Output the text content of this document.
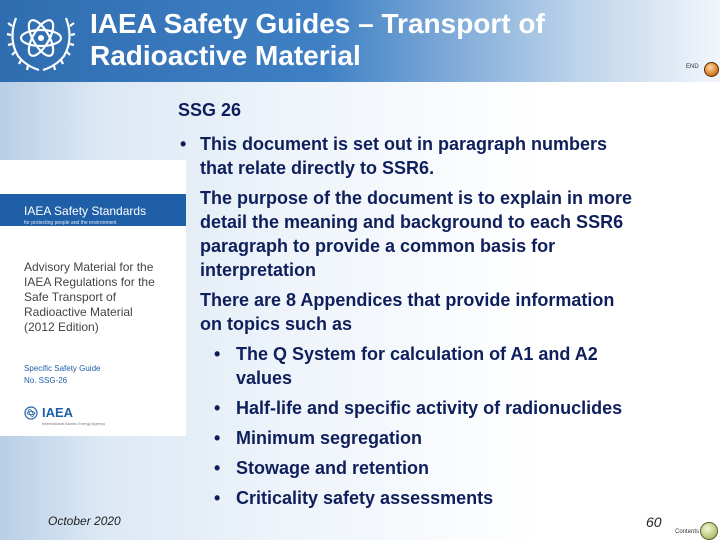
IAEA Safety Guides – Transport of
Radioactive Material	END
IAEA Safety Standards
for protecting people and the environment
Advisory Material for the
IAEA Regulations for the
Safe Transport of
Radioactive Material
(2012 Edition)
Specific Safety Guide
No. SSG-26
IAEA
International Atomic Energy Agency
SSG 26
• This document is set out in paragraph numbers
that relate directly to SSR6.
The purpose of the document is to explain in more
detail the meaning and background to each SSR6
paragraph to provide a common basis for
interpretation
There are 8 Appendices that provide information
on topics such as
• The Q System for calculation of A1 and A2
values
• Half-life and specific activity of radionuclides
• Minimum segregation
• Stowage and retention
• Criticality safety assessments
October 2020	60
Contents
